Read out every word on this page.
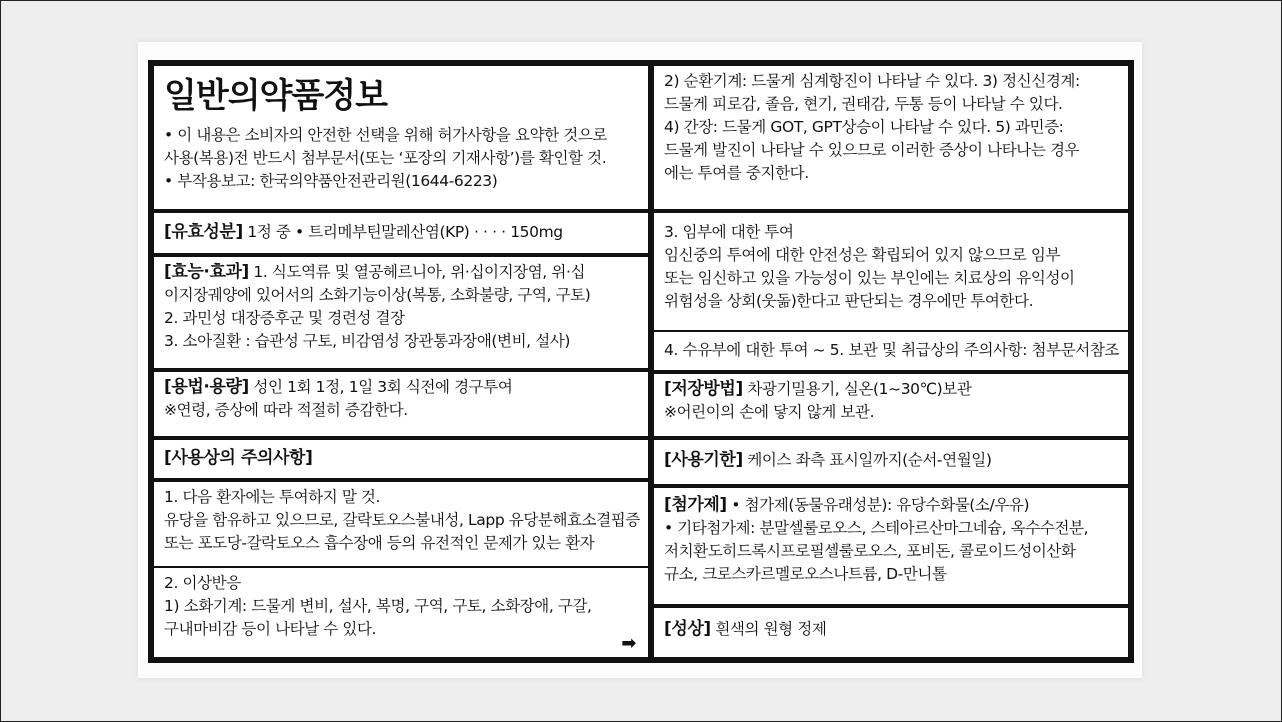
일반의약품정보
• 이 내용은 소비자의 안전한 선택을 위해 허가사항을 요약한 것으로
사용(복용)전 반드시 첨부문서(또는 ‘포장의 기재사항’)를 확인할 것.
• 부작용보고: 한국의약품안전관리원(1644-6223)
[유효성분] 1정 중 • 트리메부틴말레산염(KP) · · · · 150mg
[효능·효과] 1. 식도역류 및 열공헤르니아, 위·십이지장염, 위·십
이지장궤양에 있어서의 소화기능이상(복통, 소화불량, 구역, 구토)
2. 과민성 대장증후군 및 경련성 결장
3. 소아질환 : 습관성 구토, 비감염성 장관통과장애(변비, 설사)
[용법·용량] 성인 1회 1정, 1일 3회 식전에 경구투여
※연령, 증상에 따라 적절히 증감한다.
[사용상의 주의사항]
1. 다음 환자에는 투여하지 말 것.
유당을 함유하고 있으므로, 갈락토오스불내성, Lapp 유당분해효소결핍증
또는 포도당-갈락토오스 흡수장애 등의 유전적인 문제가 있는 환자
2. 이상반응
1) 소화기계: 드물게 변비, 설사, 복명, 구역, 구토, 소화장애, 구갈,
구내마비감 등이 나타날 수 있다.
➡
2) 순환기계: 드물게 심계항진이 나타날 수 있다. 3) 정신신경계:
드물게 피로감, 졸음, 현기, 권태감, 두통 등이 나타날 수 있다.
4) 간장: 드물게 GOT, GPT상승이 나타날 수 있다. 5) 과민증:
드물게 발진이 나타날 수 있으므로 이러한 증상이 나타나는 경우
에는 투여를 중지한다.
3. 임부에 대한 투여
임신중의 투여에 대한 안전성은 확립되어 있지 않으므로 임부
또는 임신하고 있을 가능성이 있는 부인에는 치료상의 유익성이
위험성을 상회(웃돎)한다고 판단되는 경우에만 투여한다.
4. 수유부에 대한 투여 ~ 5. 보관 및 취급상의 주의사항: 첨부문서참조
[저장방법] 차광기밀용기, 실온(1~30℃)보관
※어린이의 손에 닿지 않게 보관.
[사용기한] 케이스 좌측 표시일까지(순서-연월일)
[첨가제] • 첨가제(동물유래성분): 유당수화물(소/우유)
• 기타첨가제: 분말셀룰로오스, 스테아르산마그네슘, 옥수수전분,
저치환도히드록시프로필셀룰로오스, 포비돈, 콜로이드성이산화
규소, 크로스카르멜로오스나트륨, D-만니톨
[성상] 흰색의 원형 정제
